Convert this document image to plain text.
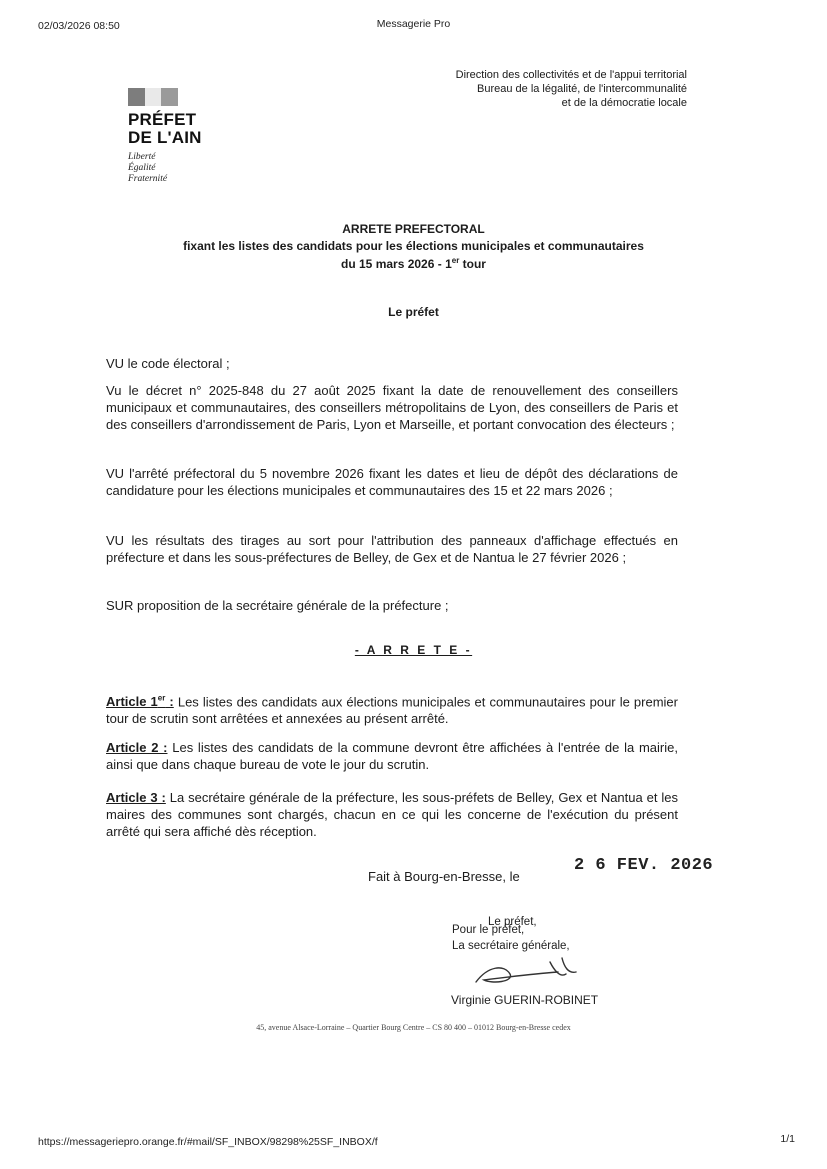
02/03/2026 08:50	Messagerie Pro
https://messageriepro.orange.fr/#mail/SF_INBOX/98298%25SF_INBOX/f	1/1
PRÉFET
DE L'AIN
Liberté
Égalité
Fraternité
Direction des collectivités et de l'appui territorial
Bureau de la légalité, de l'intercommunalité
et de la démocratie locale
ARRETE PREFECTORAL
fixant les listes des candidats pour les élections municipales et communautaires
du 15 mars 2026 - 1er tour
Le préfet
VU le code électoral ;
Vu le décret n° 2025-848 du 27 août 2025 fixant la date de renouvellement des conseillers municipaux et communautaires, des conseillers métropolitains de Lyon, des conseillers de Paris et des conseillers d'arrondissement de Paris, Lyon et Marseille, et portant convocation des électeurs ;
VU l'arrêté préfectoral du 5 novembre 2026 fixant les dates et lieu de dépôt des déclarations de candidature pour les élections municipales et communautaires des 15 et 22 mars 2026 ;
VU les résultats des tirages au sort pour l'attribution des panneaux d'affichage effectués en préfecture et dans les sous-préfectures de Belley, de Gex et de Nantua le 27 février 2026 ;
SUR proposition de la secrétaire générale de la préfecture ;
- A R R E T E -
Article 1er : Les listes des candidats aux élections municipales et communautaires pour le premier tour de scrutin sont arrêtées et annexées au présent arrêté.
Article 2 : Les listes des candidats de la commune devront être affichées à l'entrée de la mairie, ainsi que dans chaque bureau de vote le jour du scrutin.
Article 3 : La secrétaire générale de la préfecture, les sous-préfets de Belley, Gex et Nantua et les maires des communes sont chargés, chacun en ce qui les concerne de l'exécution du présent arrêté qui sera affiché dès réception.
Fait à Bourg-en-Bresse, le
2 6 FEV. 2026
Le préfet,
Pour le préfet,
La secrétaire générale,
Virginie GUERIN-ROBINET
45, avenue Alsace-Lorraine – Quartier Bourg Centre – CS 80 400 – 01012 Bourg-en-Bresse cedex
